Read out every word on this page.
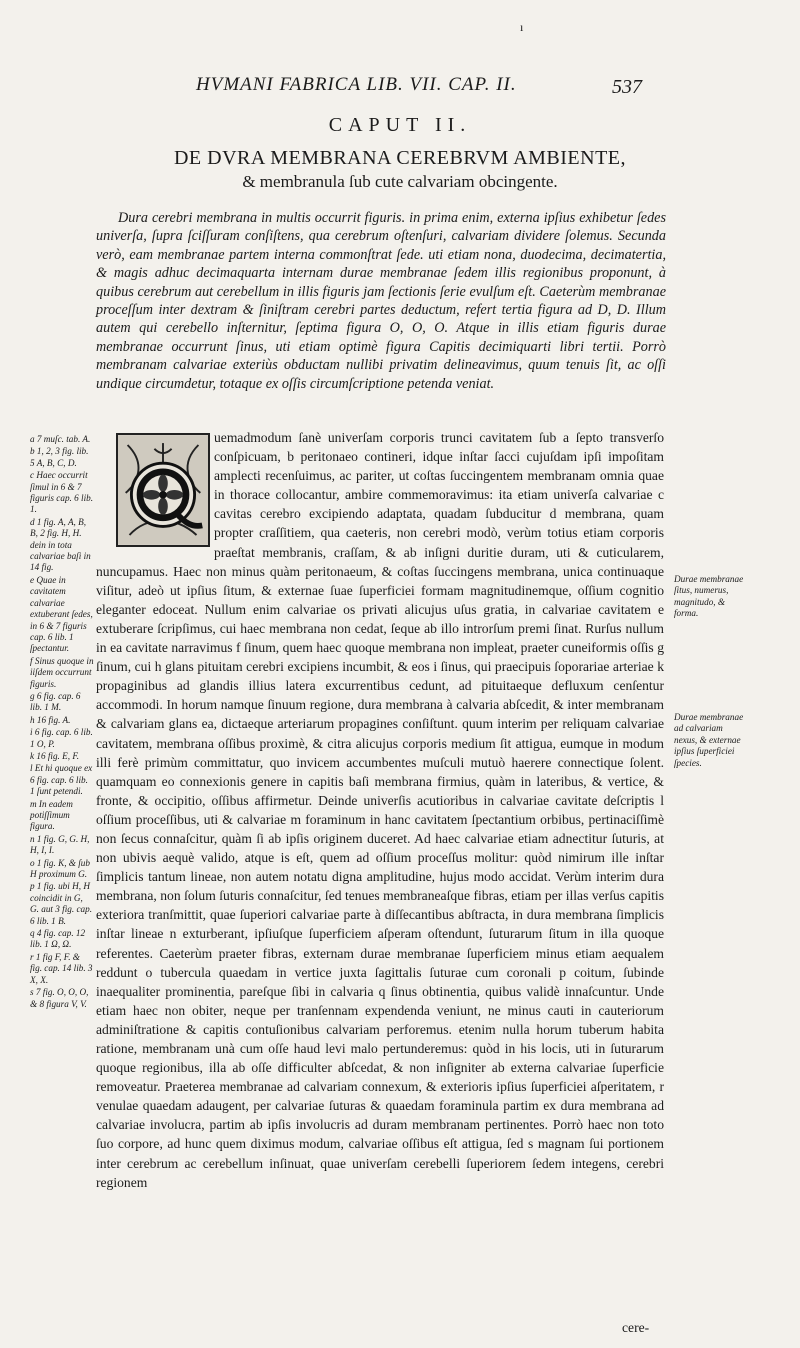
ı
HVMANI FABRICA LIB. VII. CAP. II.	537
CAPUT II.
DE DVRA MEMBRANA CEREBRVM AMBIENTE,
& membranula ſub cute calvariam obcingente.

Dura cerebri membrana in multis occurrit figuris. in prima enim, externa ipſius exhibetur ſedes univerſa, ſupra ſciſſuram conſiſtens, qua cerebrum oſtenſuri, calvariam dividere ſolemus. Secunda verò, eam membranae partem interna commonſtrat ſede. uti etiam nona, duodecima, decimatertia, & magis adhuc decimaquarta internam durae membranae ſedem illis regionibus proponunt, à quibus cerebrum aut cerebellum in illis figuris jam ſectionis ſerie evulſum eſt. Caeterùm membranae proceſſum inter dextram & ſiniſtram cerebri partes deductum, refert tertia figura ad D, D. Illum autem qui cerebello inſternitur, ſeptima figura O, O, O. Atque in illis etiam figuris durae membranae occurrunt ſinus, uti etiam optimè figura Capitis decimiquarti libri tertii. Porrò membranam calvariae exteriùs obductam nullibi privatim delineavimus, quum tenuis ſit, ac oſſi undique circumdetur, totaque ex oſſis circumſcriptione petenda veniat.

uemadmodum ſanè univerſam corporis trunci cavitatem ſub a ſepto transverſo conſpicuam, b peritonaeo contineri, idque inſtar ſacci cujuſdam ipſi impoſitam amplecti recenſuimus, ac pariter, ut coſtas ſuccingentem membranam omnia quae in thorace collocantur, ambire commemoravimus: ita etiam univerſa calvariae c cavitas cerebro excipiendo adaptata, quadam ſubducitur d membrana, quam propter craſſitiem, qua caeteris, non cerebri modò, verùm totius etiam corporis praeſtat membranis, craſſam, & ab inſigni duritie duram, uti & cuticularem, nuncupamus. Haec non minus quàm peritonaeum, & coſtas ſuccingens membrana, unica continuaque viſitur, adeò ut ipſius ſitum, & externae ſuae ſuperficiei formam magnitudinemque, oſſium cognitio eleganter edoceat. Nullum enim calvariae os privati alicujus uſus gratia, in calvariae cavitatem e extuberare ſcripſimus, cui haec membrana non cedat, ſeque ab illo introrſum premi ſinat. Rurſus nullum in ea cavitate narravimus f ſinum, quem haec quoque membrana non impleat, praeter cuneiformis oſſis g ſinum, cui h glans pituitam cerebri excipiens incumbit, & eos i ſinus, qui praecipuis ſoporariae arteriae k propaginibus ad glandis illius latera excurrentibus cedunt, ad pituitaeque defluxum cenſentur accommodi. In horum namque ſinuum regione, dura membrana à calvaria abſcedit, & inter membranam & calvariam glans ea, dictaeque arteriarum propagines conſiſtunt. quum interim per reliquam calvariae cavitatem, membrana oſſibus proximè, & citra alicujus corporis medium ſit attigua, eumque in modum illi ferè primùm committatur, quo invicem accumbentes muſculi mutuò haerere connectique ſolent. quamquam eo connexionis genere in capitis baſi membrana firmius, quàm in lateribus, & vertice, & fronte, & occipitio, oſſibus affirmetur. Deinde univerſis acutioribus in calvariae cavitate deſcriptis l oſſium proceſſibus, uti & calvariae m foraminum in hanc cavitatem ſpectantium orbibus, pertinaciſſimè non ſecus connaſcitur, quàm ſi ab ipſis originem duceret. Ad haec calvariae etiam adnectitur ſuturis, at non ubivis aequè valido, atque is eſt, quem ad oſſium proceſſus molitur: quòd nimirum ille inſtar ſimplicis tantum lineae, non autem notatu digna amplitudine, hujus modo accidat. Verùm interim dura membrana, non ſolum ſuturis connaſcitur, ſed tenues membraneaſque fibras, etiam per illas verſus capitis exteriora tranſmittit, quae ſuperiori calvariae parte à diſſecantibus abſtracta, in dura membrana ſimplicis inſtar lineae n exturberant, ipſiuſque ſuperficiem aſperam oſtendunt, ſuturarum ſitum in illa quoque referentes. Caeterùm praeter fibras, externam durae membranae ſuperficiem minus etiam aequalem reddunt o tubercula quaedam in vertice juxta ſagittalis ſuturae cum coronali p coitum, ſubinde inaequaliter prominentia, pareſque ſibi in calvaria q ſinus obtinentia, quibus validè innaſcuntur. Unde etiam haec non obiter, neque per tranſennam expendenda veniunt, ne minus cauti in cauteriorum adminiſtratione & capitis contuſionibus calvariam perforemus. etenim nulla horum tuberum habita ratione, membranam unà cum oſſe haud levi malo pertunderemus: quòd in his locis, uti in ſuturarum quoque regionibus, illa ab oſſe difficulter abſcedat, & non inſigniter ab externa calvariae ſuperficie removeatur. Praeterea membranae ad calvariam connexum, & exterioris ipſius ſuperficiei aſperitatem, r venulae quaedam adaugent, per calvariae ſuturas & quaedam foraminula partim ex dura membrana ad calvariae involucra, partim ab ipſis involucris ad duram membranam pertinentes. Porrò haec non toto ſuo corpore, ad hunc quem diximus modum, calvariae oſſibus eſt attigua, ſed s magnam ſui portionem inter cerebrum ac cerebellum inſinuat, quae univerſam cerebelli ſuperiorem ſedem integens, cerebri regionem

cere-
a 7 muſc. tab. A.
b 1, 2, 3 fig. lib. 5 A, B, C, D.
c Haec occurrit ſimul in 6 & 7 figuris cap. 6 lib. 1.
d 1 fig. A, A, B, B, 2 fig. H, H. dein in tota calvariae baſi in 14 fig.
e Quae in cavitatem calvariae extuberant ſedes, in 6 & 7 figuris cap. 6 lib. 1 ſpectantur.
f Sinus quoque in iiſdem occurrunt figuris.
g 6 fig. cap. 6 lib. 1 M.
h 16 fig. A.
i 6 fig. cap. 6 lib. 1 O, P.
k 16 fig. E, F.
l Et hi quoque ex 6 fig. cap. 6 lib. 1 ſunt petendi.
m In eadem potiſſimum figura.
n 1 fig. G, G. H, H, I, I.
o 1 fig. K, & ſub H proximum G.
p 1 fig. ubi H, H coincidit in G, G. aut 3 fig. cap. 6 lib. 1 B.
q 4 fig. cap. 12 lib. 1 Ω, Ω.
r 1 fig F, F. & fig. cap. 14 lib. 3 X, X.
s 7 fig. O, O, O, & 8 figura V, V.
Durae membranae ſitus, numerus, magnitudo, & forma.
Durae membranae ad calvariam nexus, & externae ipſius ſuperficiei ſpecies.
